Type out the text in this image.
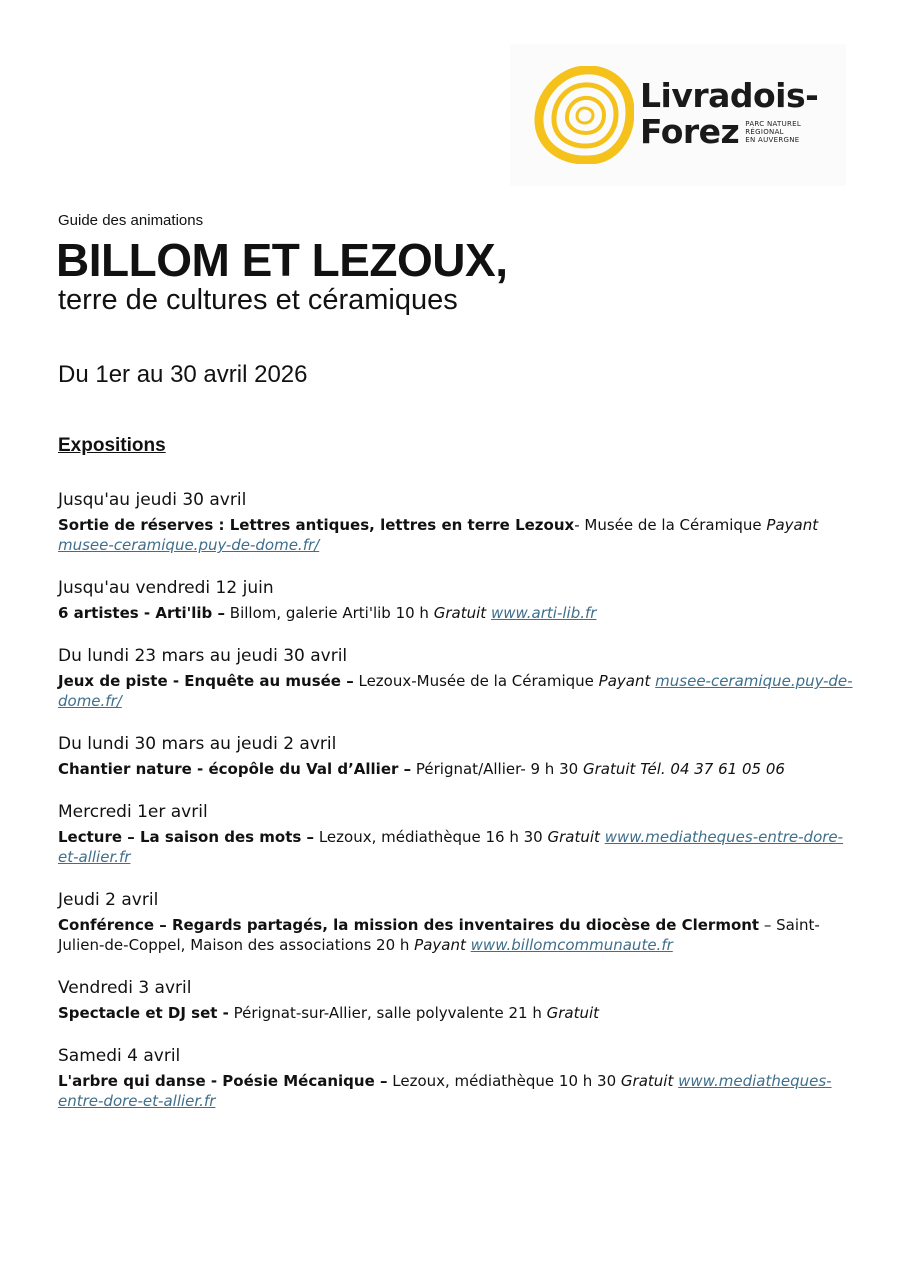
Livradois-
Forez PARC NATUREL
RÉGIONAL
EN AUVERGNE

Guide des animations

BILLOM ET LEZOUX,

terre de cultures et céramiques

Du 1er au 30 avril 2026

Expositions

Jusqu'au jeudi 30 avril

Sortie de réserves : Lettres antiques, lettres en terre Lezoux- Musée de la Céramique Payant musee-ceramique.puy-de-dome.fr/

Jusqu'au vendredi 12 juin

6 artistes - Arti'lib – Billom, galerie Arti'lib 10 h Gratuit www.arti-lib.fr

Du lundi 23 mars au jeudi 30 avril

Jeux de piste - Enquête au musée – Lezoux-Musée de la Céramique Payant musee-ceramique.puy-de-dome.fr/

Du lundi 30 mars au jeudi 2 avril

Chantier nature - écopôle du Val d’Allier – Pérignat/Allier- 9 h 30 Gratuit Tél. 04 37 61 05 06

Mercredi 1er avril

Lecture – La saison des mots – Lezoux, médiathèque 16 h 30 Gratuit www.mediatheques-entre-dore-et-allier.fr

Jeudi 2 avril

Conférence – Regards partagés, la mission des inventaires du diocèse de Clermont – Saint-Julien-de-Coppel, Maison des associations 20 h Payant www.billomcommunaute.fr

Vendredi 3 avril

Spectacle et DJ set - Pérignat-sur-Allier, salle polyvalente 21 h Gratuit

Samedi 4 avril

L'arbre qui danse - Poésie Mécanique – Lezoux, médiathèque 10 h 30 Gratuit www.mediatheques-entre-dore-et-allier.fr
